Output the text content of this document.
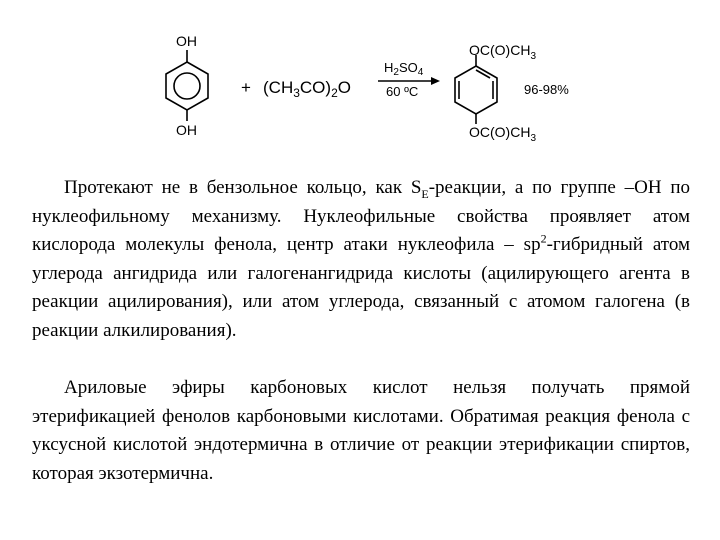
OH
OH
+ $(CH_3CO)_2O$
$H_2SO_4$
60 ºC
$OC(O)CH_3$
$OC(O)CH_3$
96-98%

Протекают не в бензольное кольцо, как $S_E$-реакции, а по группе –ОН по нуклеофильному механизму. Нуклеофильные свойства проявляет атом кислорода молекулы фенола, центр атаки нуклеофила – $sp^2$-гибридный атом углерода ангидрида или галогенангидрида кислоты (ацилирующего агента в реакции ацилирования), или атом углерода, связанный с атомом галогена (в реакции алкилирования).

Ариловые эфиры карбоновых кислот нельзя получать прямой этерификацией фенолов карбоновыми кислотами. Обратимая реакция фенола с уксусной кислотой эндотермична в отличие от реакции этерификации спиртов, которая экзотермична.
